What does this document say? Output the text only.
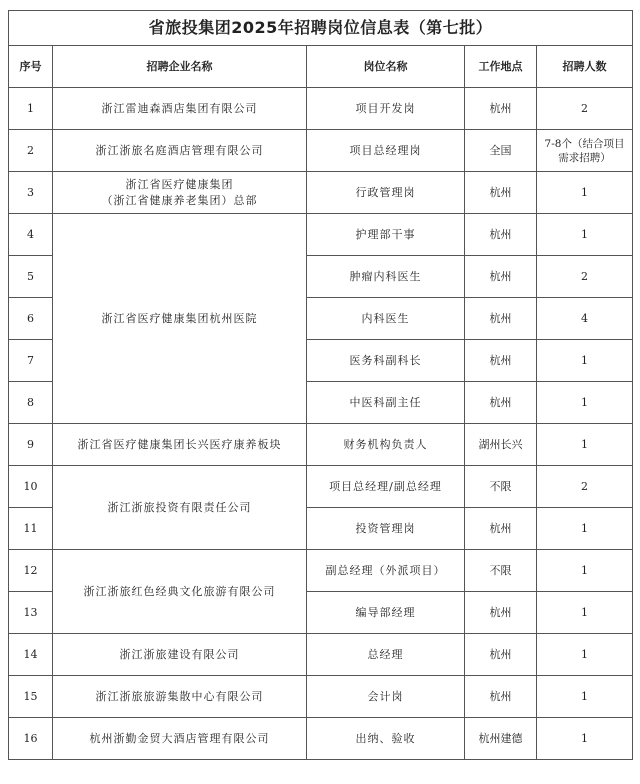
省旅投集团2025年招聘岗位信息表（第七批）				
序号	招聘企业名称	岗位名称	工作地点	招聘人数
1	浙江雷迪森酒店集团有限公司	项目开发岗	杭州	2
2	浙江浙旅名庭酒店管理有限公司	项目总经理岗	全国	7-8个（结合项目
需求招聘）

3	浙江省医疗健康集团
（浙江省健康养老集团）总部	行政管理岗	杭州	1
4	浙江省医疗健康集团杭州医院	护理部干事	杭州	1
5		肿瘤内科医生	杭州	2
6		内科医生	杭州	4
7		医务科副科长	杭州	1
8		中医科副主任	杭州	1
9	浙江省医疗健康集团长兴医疗康养板块	财务机构负责人	湖州长兴	1
10	浙江浙旅投资有限责任公司	项目总经理/副总经理	不限	2
11		投资管理岗	杭州	1
12	浙江浙旅红色经典文化旅游有限公司	副总经理（外派项目）	不限	1
13		编导部经理	杭州	1
14	浙江浙旅建设有限公司	总经理	杭州	1
15	浙江浙旅旅游集散中心有限公司	会计岗	杭州	1
16	杭州浙勤金贸大酒店管理有限公司	出纳、验收	杭州建德	1
